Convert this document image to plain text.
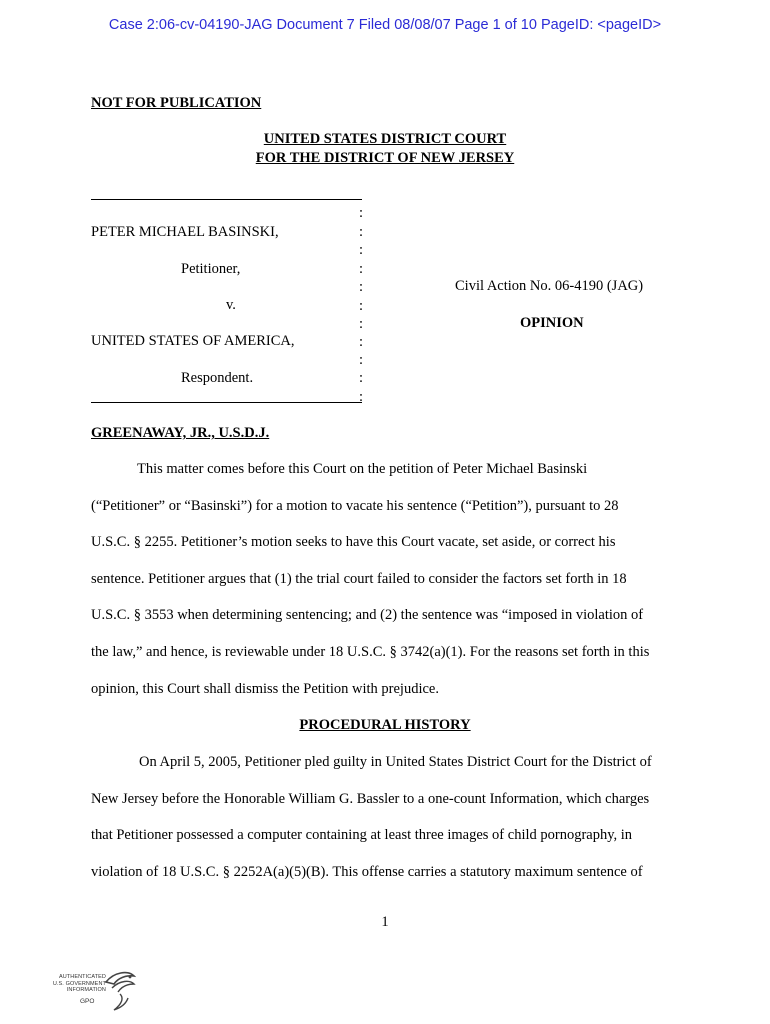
Case 2:06-cv-04190-JAG Document 7 Filed 08/08/07 Page 1 of 10 PageID: <pageID>
NOT FOR PUBLICATION
UNITED STATES DISTRICT COURT
FOR THE DISTRICT OF NEW JERSEY
:
:
:
:
:
:
:
:
:
:
:
PETER MICHAEL BASINSKI,
Petitioner,
v.
UNITED STATES OF AMERICA,
Respondent.
Civil Action No. 06-4190 (JAG)
OPINION
GREENAWAY, JR., U.S.D.J.
This matter comes before this Court on the petition of Peter Michael Basinski
(“Petitioner” or “Basinski”) for a motion to vacate his sentence (“Petition”), pursuant to 28
U.S.C. § 2255. Petitioner’s motion seeks to have this Court vacate, set aside, or correct his
sentence. Petitioner argues that (1) the trial court failed to consider the factors set forth in 18
U.S.C. § 3553 when determining sentencing; and (2) the sentence was “imposed in violation of
the law,” and hence, is reviewable under 18 U.S.C. § 3742(a)(1). For the reasons set forth in this
opinion, this Court shall dismiss the Petition with prejudice.
PROCEDURAL HISTORY
On April 5, 2005, Petitioner pled guilty in United States District Court for the District of
New Jersey before the Honorable William G. Bassler to a one-count Information, which charges
that Petitioner possessed a computer containing at least three images of child pornography, in
violation of 18 U.S.C. § 2252A(a)(5)(B). This offense carries a statutory maximum sentence of
1
AUTHENTICATED
U.S. GOVERNMENT
INFORMATION
GPO
